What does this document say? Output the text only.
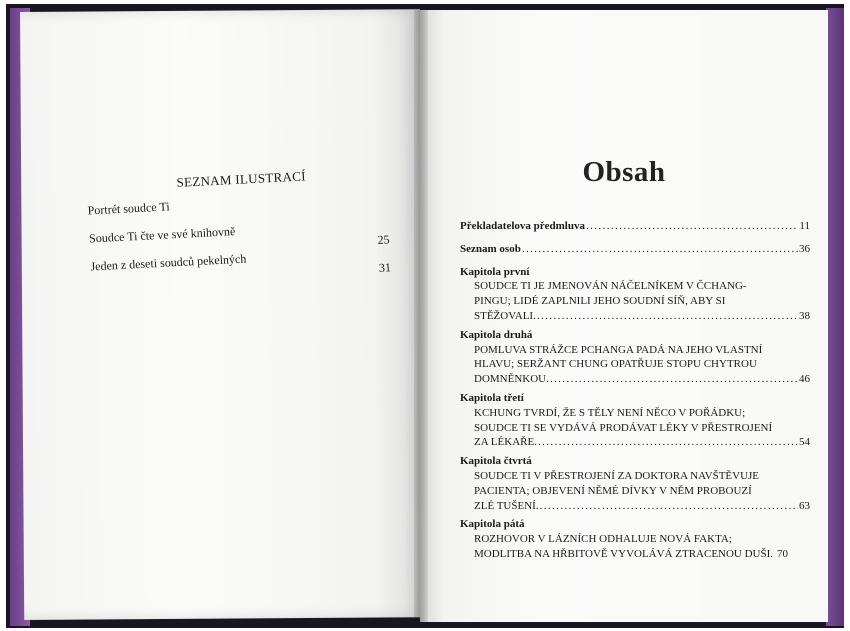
SEZNAM ILUSTRACÍ
Portrét soudce Ti
Soudce Ti čte ve své knihovně	25
Jeden z deseti soudců pekelných	31
Obsah
Překladatelova předmluva .....	11
Seznam osob .....	36
Kapitola první
SOUDCE TI JE JMENOVÁN NÁČELNÍKEM V ČCHANG-
PINGU; LIDÉ ZAPLNILI JEHO SOUDNÍ SÍŇ, ABY SI
STĚŽOVALI. .....	38
Kapitola druhá
POMLUVA STRÁŽCE PCHANGA PADÁ NA JEHO VLASTNÍ
HLAVU; SERŽANT CHUNG OPATŘUJE STOPU CHYTROU
DOMNĚNKOU. .....	46
Kapitola třetí
KCHUNG TVRDÍ, ŽE S TĚLY NENÍ NĚCO V POŘÁDKU;
SOUDCE TI SE VYDÁVÁ PRODÁVAT LÉKY V PŘESTROJENÍ
ZA LÉKAŘE. .....	54
Kapitola čtvrtá
SOUDCE TI V PŘESTROJENÍ ZA DOKTORA NAVŠTĚVUJE
PACIENTA; OBJEVENÍ NĚMÉ DÍVKY V NĚM PROBOUZÍ
ZLÉ TUŠENÍ. .....	63
Kapitola pátá
ROZHOVOR V LÁZNÍCH ODHALUJE NOVÁ FAKTA;
MODLITBA NA HŘBITOVĚ VYVOLÁVÁ ZTRACENOU DUŠI. 70
